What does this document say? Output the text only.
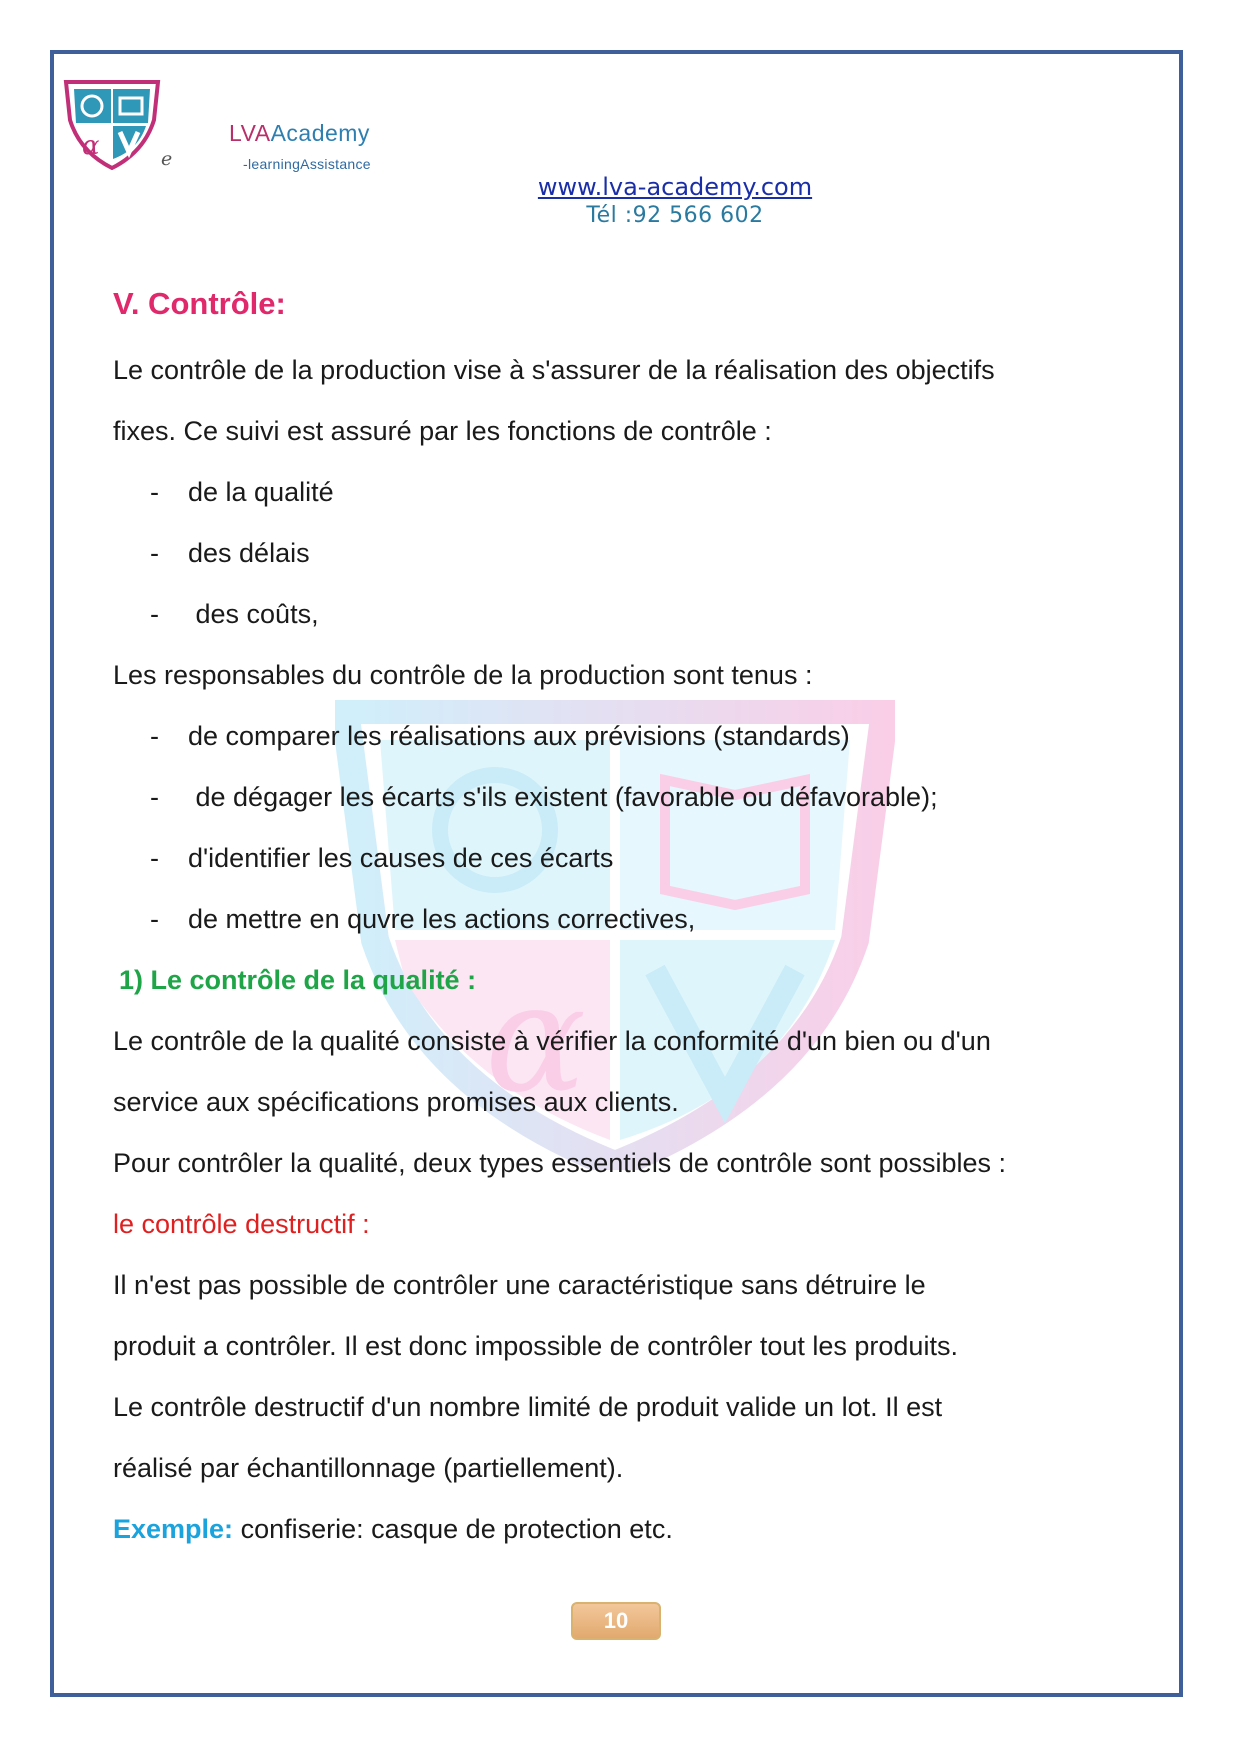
α
α	e
LVAAcademy
-learningAssistance
www.lva-academy.com
Tél :92 566 602
V. Contrôle:
Le contrôle de la production vise à s'assurer de la réalisation des objectifs
fixes. Ce suivi est assuré par les fonctions de contrôle :
- de la qualité
- des délais
- des coûts,
Les responsables du contrôle de la production sont tenus :
- de comparer les réalisations aux prévisions (standards)
- de dégager les écarts s'ils existent (favorable ou défavorable);
- d'identifier les causes de ces écarts
- de mettre en quvre les actions correctives,
1) Le contrôle de la qualité :
Le contrôle de la qualité consiste à vérifier la conformité d'un bien ou d'un
service aux spécifications promises aux clients.
Pour contrôler la qualité, deux types essentiels de contrôle sont possibles :
le contrôle destructif :
Il n'est pas possible de contrôler une caractéristique sans détruire le
produit a contrôler. Il est donc impossible de contrôler tout les produits.
Le contrôle destructif d'un nombre limité de produit valide un lot. Il est
réalisé par échantillonnage (partiellement).
Exemple: confiserie: casque de protection etc.
10
